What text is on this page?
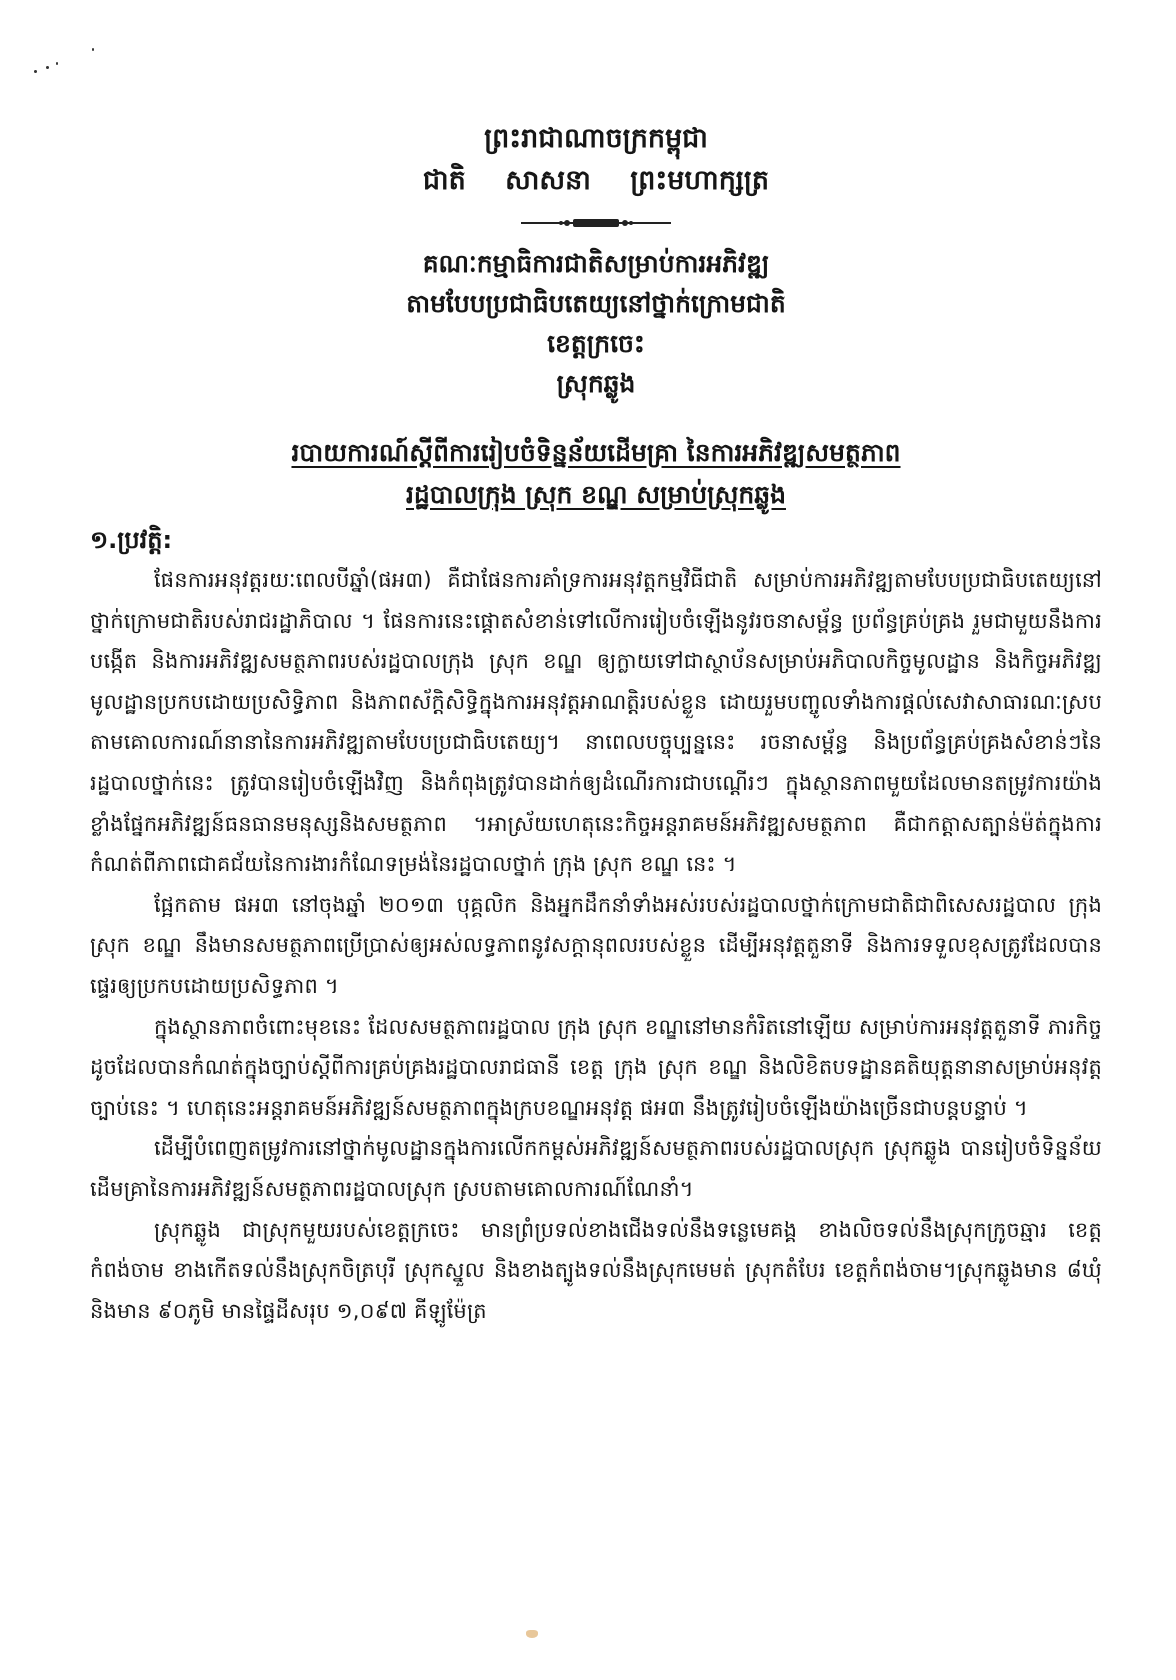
ព្រះរាជាណាចក្រកម្ពុជា
ជាតិ សាសនា ព្រះមហាក្សត្រ
គណៈកម្មាធិការជាតិសម្រាប់ការអភិវឌ្ឍ
តាមបែបប្រជាធិបតេយ្យនៅថ្នាក់ក្រោមជាតិ
ខេត្តក្រចេះ
ស្រុកឆ្លូង
របាយការណ៍ស្តីពីការរៀបចំទិន្នន័យដើមគ្រា នៃការអភិវឌ្ឍសមត្ថភាព
រដ្ឋបាលក្រុង ស្រុក ខណ្ឌ សម្រាប់ស្រុកឆ្លូង
១.ប្រវត្តិ:

ផែនការអនុវត្តរយៈពេលបីឆ្នាំ(ផអ៣) គឺជាផែនការគាំទ្រការអនុវត្តកម្មវិធីជាតិ សម្រាប់ការអភិវឌ្ឍតាមបែបប្រជាធិបតេយ្យនៅថ្នាក់ក្រោមជាតិរបស់រាជរដ្ឋាភិបាល ។ ផែនការនេះផ្តោតសំខាន់ទៅលើការរៀបចំឡើងនូវរចនាសម្ព័ន្ធ ប្រព័ន្ធគ្រប់គ្រង រួមជាមួយនឹងការបង្កើត និងការអភិវឌ្ឍសមត្ថភាពរបស់រដ្ឋបាលក្រុង ស្រុក ខណ្ឌ ឲ្យក្លាយទៅជាស្ថាប័នសម្រាប់អភិបាលកិច្ចមូលដ្ឋាន និងកិច្ចអភិវឌ្ឍមូលដ្ឋានប្រកបដោយប្រសិទ្ធិភាព និងភាពស័ក្តិសិទ្ធិក្នុងការអនុវត្តអាណត្តិរបស់ខ្លួន ដោយរួមបញ្ចូលទាំងការផ្តល់សេវាសាធារណៈស្របតាមគោលការណ៍នានានៃការអភិវឌ្ឍតាមបែបប្រជាធិបតេយ្យ។ នាពេលបច្ចុប្បន្ននេះ រចនាសម្ព័ន្ធ និងប្រព័ន្ធគ្រប់គ្រងសំខាន់ៗនៃរដ្ឋបាលថ្នាក់នេះ ត្រូវបានរៀបចំឡើងវិញ និងកំពុងត្រូវបានដាក់ឲ្យដំណើរការជាបណ្តើរៗ ក្នុងស្ថានភាពមួយដែលមានតម្រូវការយ៉ាងខ្លាំងផ្នែកអភិវឌ្ឍន៍ធនធានមនុស្សនិងសមត្ថភាព ។អាស្រ័យហេតុនេះកិច្ចអន្តរាគមន៍អភិវឌ្ឍសមត្ថភាព គឺជាកត្តាសត្បាន់ម៉ត់ក្នុងការកំណត់ពីភាពជោគជ័យនៃការងារកំណែទម្រង់នៃរដ្ឋបាលថ្នាក់ ក្រុង ស្រុក ខណ្ឌ នេះ ។

ផ្អែកតាម ផអ៣ នៅចុងឆ្នាំ ២០១៣ បុគ្គលិក និងអ្នកដឹកនាំទាំងអស់របស់រដ្ឋបាលថ្នាក់ក្រោមជាតិជាពិសេសរដ្ឋបាល ក្រុង ស្រុក ខណ្ឌ នឹងមានសមត្ថភាពប្រើប្រាស់ឲ្យអស់លទ្ធភាពនូវសក្តានុពលរបស់ខ្លួន ដើម្បីអនុវត្តតួនាទី និងការទទួលខុសត្រូវដែលបានផ្ទេរឲ្យប្រកបដោយប្រសិទ្ធភាព ។

ក្នុងស្ថានភាពចំពោះមុខនេះ ដែលសមត្ថភាពរដ្ឋបាល ក្រុង ស្រុក ខណ្ឌនៅមានកំរិតនៅឡើយ សម្រាប់ការអនុវត្តតួនាទី ភារកិច្ច ដូចដែលបានកំណត់ក្នុងច្បាប់ស្តីពីការគ្រប់គ្រងរដ្ឋបាលរាជធានី ខេត្ត ក្រុង ស្រុក ខណ្ឌ និងលិខិតបទដ្ឋានគតិយុត្តនានាសម្រាប់អនុវត្តច្បាប់នេះ ។ ហេតុនេះអន្តរាគមន៍អភិវឌ្ឍន៍សមត្ថភាពក្នុងក្របខណ្ឌអនុវត្ត ផអ៣ នឹងត្រូវរៀបចំឡើងយ៉ាងច្រើនជាបន្តបន្ទាប់ ។

ដើម្បីបំពេញតម្រូវការនៅថ្នាក់មូលដ្ឋានក្នុងការលើកកម្ពស់អភិវឌ្ឍន៍សមត្ថភាពរបស់រដ្ឋបាលស្រុក ស្រុកឆ្លូង បានរៀបចំទិន្នន័យដើមគ្រានៃការអភិវឌ្ឍន៍សមត្ថភាពរដ្ឋបាលស្រុក ស្របតាមគោលការណ៍ណែនាំ។

ស្រុកឆ្លូង ជាស្រុកមួយរបស់ខេត្តក្រចេះ មានព្រំប្រទល់ខាងជើងទល់នឹងទន្លេមេគង្គ ខាងលិចទល់នឹងស្រុកក្រូចឆ្មារ ខេត្តកំពង់ចាម ខាងកើតទល់នឹងស្រុកចិត្របុរី ស្រុកស្នួល និងខាងត្បូងទល់នឹងស្រុកមេមត់ ស្រុកតំបែរ ខេត្តកំពង់ចាម។ស្រុកឆ្លូងមាន ៨ឃុំ និងមាន ៩០ភូមិ មានផ្ទៃដីសរុប ១,០៩៧ គីឡូម៉ែត្រ
